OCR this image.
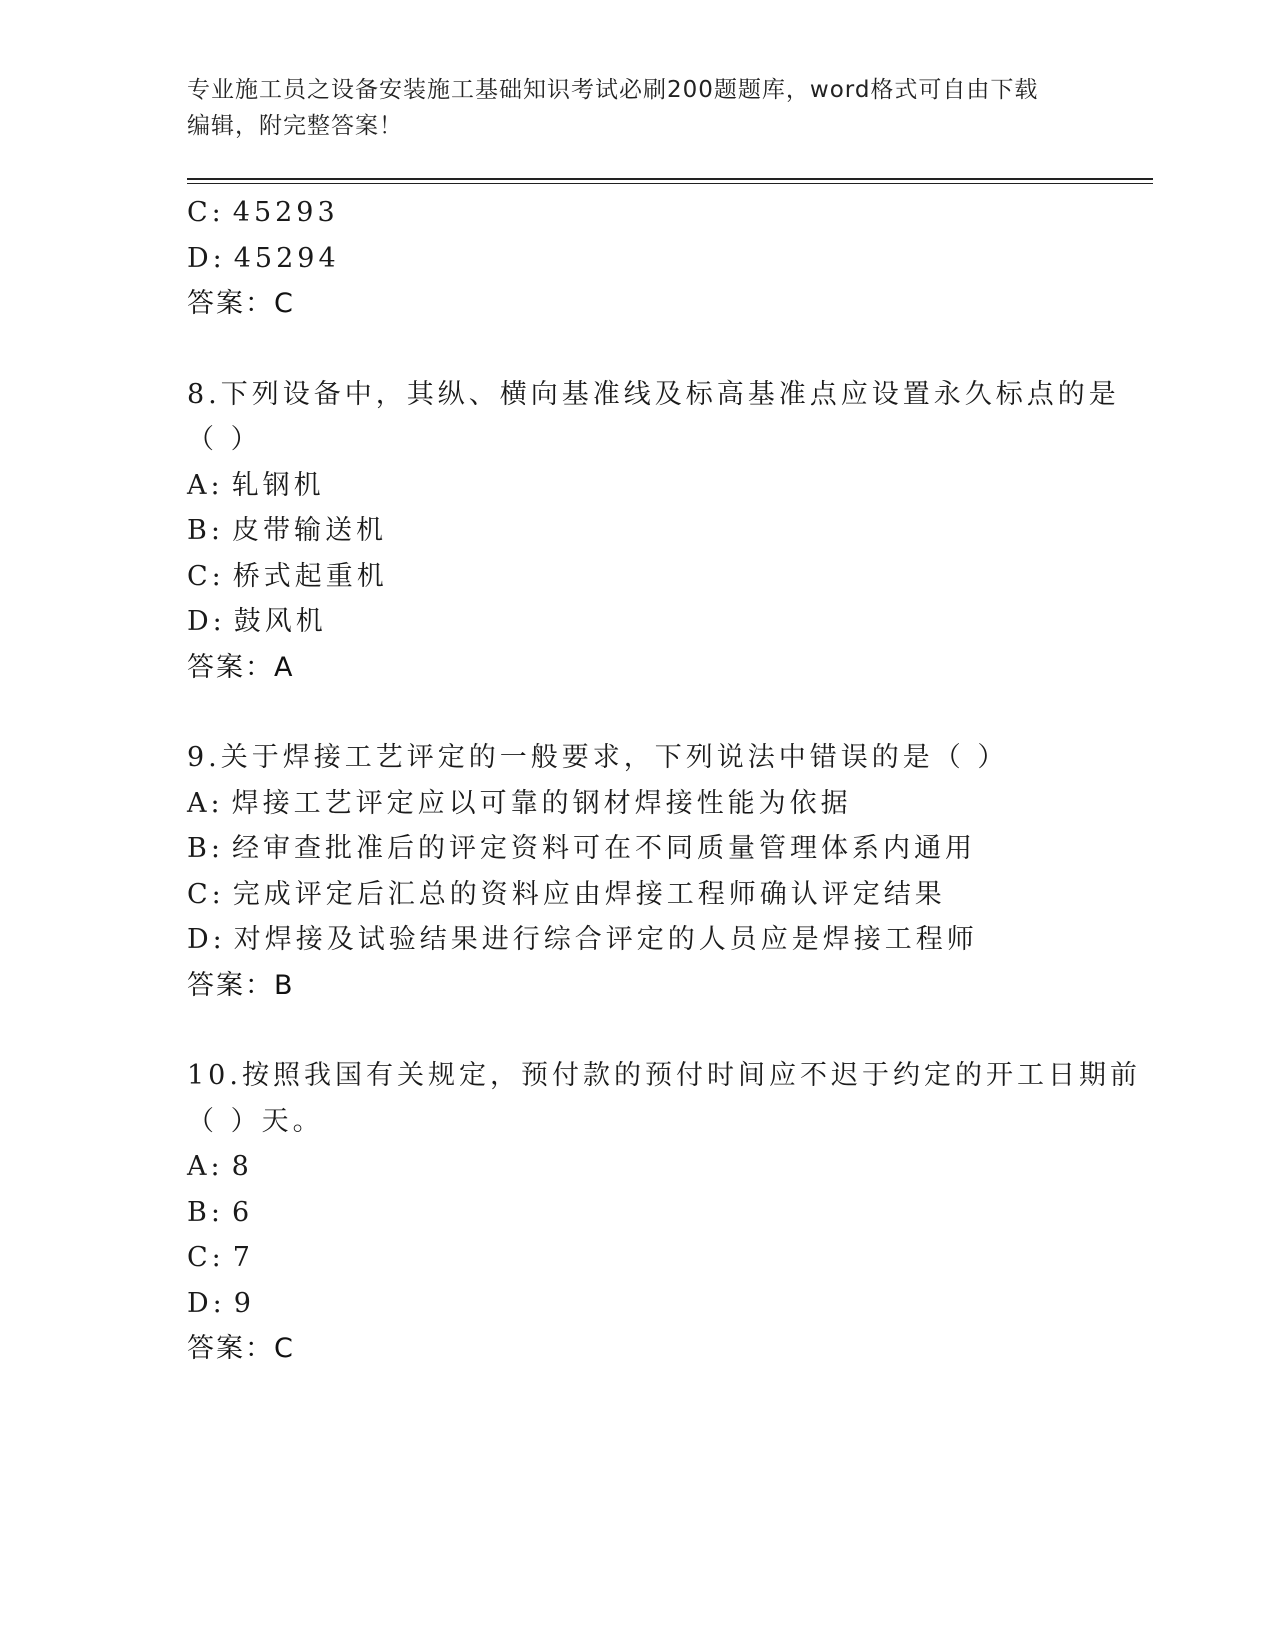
专业施工员之设备安装施工基础知识考试必刷200题题库，word格式可自由下载
编辑，附完整答案！
C: 45293
D: 45294
答案：C
8.下列设备中，其纵、横向基准线及标高基准点应设置永久标点的是
（ ）
A: 轧钢机
B: 皮带输送机
C: 桥式起重机
D: 鼓风机
答案：A
9.关于焊接工艺评定的一般要求，下列说法中错误的是（ ）
A: 焊接工艺评定应以可靠的钢材焊接性能为依据
B: 经审查批准后的评定资料可在不同质量管理体系内通用
C: 完成评定后汇总的资料应由焊接工程师确认评定结果
D: 对焊接及试验结果进行综合评定的人员应是焊接工程师
答案：B
10.按照我国有关规定，预付款的预付时间应不迟于约定的开工日期前
（ ）天。
A: 8
B: 6
C: 7
D: 9
答案：C
